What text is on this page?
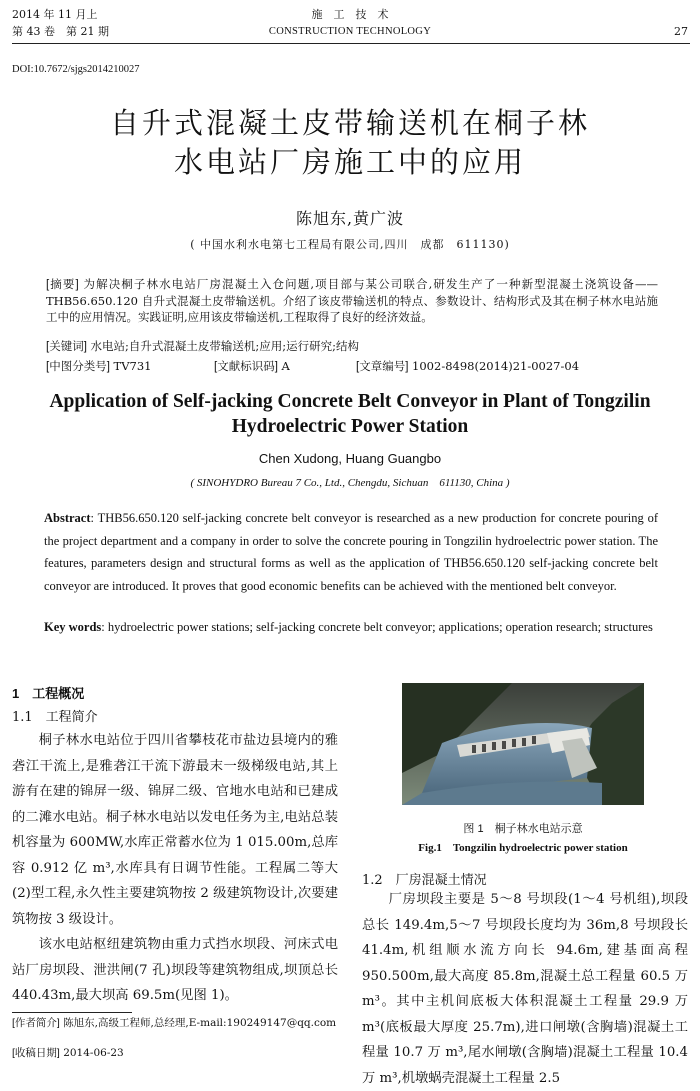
2014 年 11 月上
第 43 卷　第 21 期
施　工　技　术
CONSTRUCTION TECHNOLOGY	27
DOI:10.7672/sjgs2014210027
自升式混凝土皮带输送机在桐子林
水电站厂房施工中的应用
陈旭东,黄广波
( 中国水利水电第七工程局有限公司,四川　成都　611130)
[摘要] 为解决桐子林水电站厂房混凝土入仓问题,项目部与某公司联合,研发生产了一种新型混凝土浇筑设备——THB56.650.120 自升式混凝土皮带输送机。介绍了该皮带输送机的特点、参数设计、结构形式及其在桐子林水电站施工中的应用情况。实践证明,应用该皮带输送机,工程取得了良好的经济效益。
[关键词] 水电站;自升式混凝土皮带输送机;应用;运行研究;结构
[中图分类号] TV731	[文献标识码] A	[文章编号] 1002-8498(2014)21-0027-04
Application of Self-jacking Concrete Belt Conveyor in Plant of Tongzilin
Hydroelectric Power Station
Chen Xudong, Huang Guangbo
( SINOHYDRO Bureau 7 Co., Ltd., Chengdu, Sichuan　611130, China )
Abstract: THB56.650.120 self-jacking concrete belt conveyor is researched as a new production for concrete pouring of the project department and a company in order to solve the concrete pouring in Tongzilin hydroelectric power station. The features, parameters design and structural forms as well as the application of THB56.650.120 self-jacking concrete belt conveyor are introduced. It proves that good economic benefits can be achieved with the mentioned belt conveyor.
Key words: hydroelectric power stations; self-jacking concrete belt conveyor; applications; operation research; structures
1　工程概况
1.1　工程简介
桐子林水电站位于四川省攀枝花市盐边县境内的雅砻江干流上,是雅砻江干流下游最末一级梯级电站,其上游有在建的锦屏一级、锦屏二级、官地水电站和已建成的二滩水电站。桐子林水电站以发电任务为主,电站总装机容量为 600MW,水库正常蓄水位为 1 015.00m,总库容 0.912 亿 m³,水库具有日调节性能。工程属二等大(2)型工程,永久性主要建筑物按 2 级建筑物设计,次要建筑物按 3 级设计。
该水电站枢纽建筑物由重力式挡水坝段、河床式电站厂房坝段、泄洪闸(7 孔)坝段等建筑物组成,坝顶总长 440.43m,最大坝高 69.5m(见图 1)。
[作者简介] 陈旭东,高级工程师,总经理,E-mail:190249147@qq.com
[收稿日期] 2014-06-23
图 1　桐子林水电站示意
Fig.1　Tongzilin hydroelectric power station
1.2　厂房混凝土情况
厂房坝段主要是 5～8 号坝段(1～4 号机组),坝段总长 149.4m,5～7 号坝段长度均为 36m,8 号坝段长 41.4m,机组顺水流方向长 94.6m,建基面高程 950.500m,最大高度 85.8m,混凝土总工程量 60.5 万 m³。其中主机间底板大体积混凝土工程量 29.9 万 m³(底板最大厚度 25.7m),进口闸墩(含胸墙)混凝土工程量 10.7 万 m³,尾水闸墩(含胸墙)混凝土工程量 10.4 万 m³,机墩蜗壳混凝土工程量 2.5
